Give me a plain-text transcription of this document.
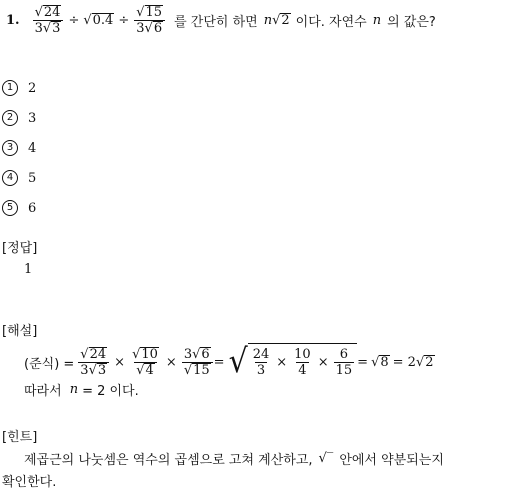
1. $\frac{√ 24}{3 √ 3}$ ÷ √ $0.4 \div \frac{√ 15}{3 √ 6}$ 를 간단히 하면 n √ 2 이다. 자연수 n 의 값은?
1	2
2	3
3	4
4	5
5	6
[정답]
1
[해설]
(준식) = $\frac{√ 24}{3 √ 3} \times \frac{√ 10}{√ 4} \times \frac{3 √ 6}{√ 15}$ = √ $\frac{24}{3} \times \frac{10}{4} \times \frac{6}{15}$ = √ 8 = 2 √ 2
따라서 n = 2 이다.
[힌트]
제곱근의 나눗셈은 역수의 곱셈으로 고쳐 계산하고, √‾ 안에서 약분되는지
확인한다.
